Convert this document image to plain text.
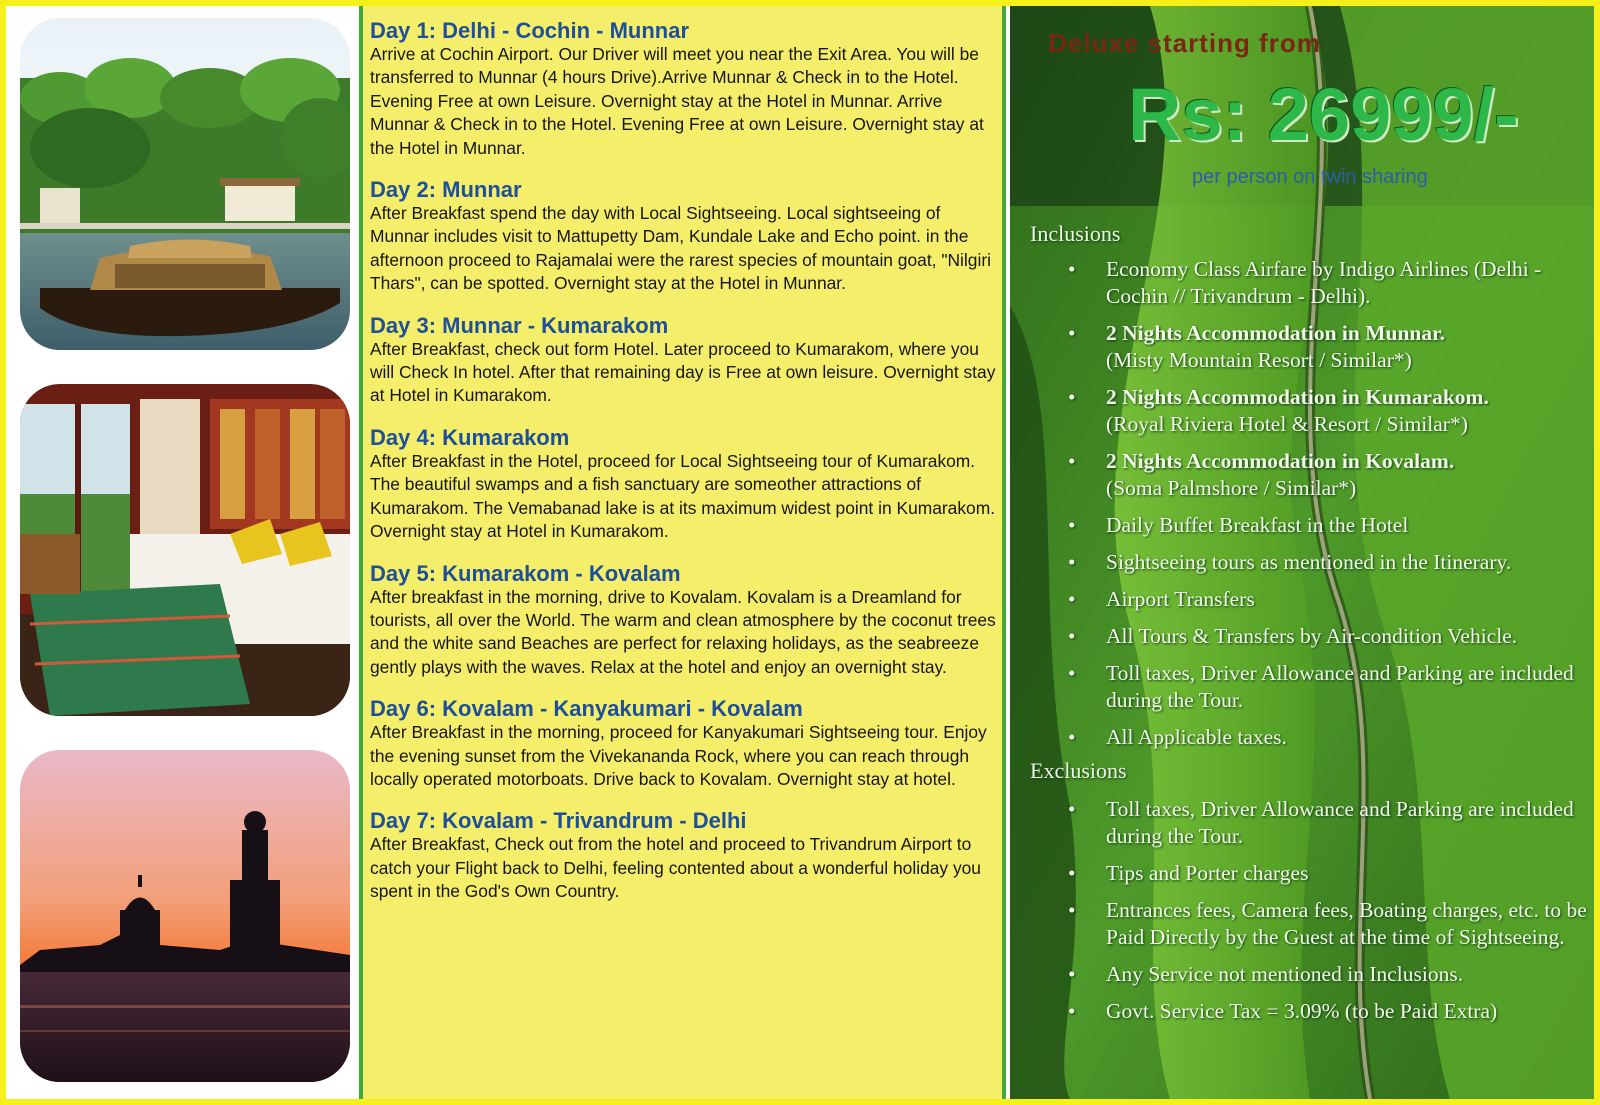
Day 1: Delhi - Cochin - Munnar

Arrive at Cochin Airport. Our Driver will meet you near the Exit Area. You will be transferred to Munnar (4 hours Drive).Arrive Munnar & Check in to the Hotel. Evening Free at own Leisure. Overnight stay at the Hotel in Munnar. Arrive Munnar & Check in to the Hotel. Evening Free at own Leisure. Overnight stay at the Hotel in Munnar.

Day 2: Munnar

After Breakfast spend the day with Local Sightseeing. Local sightseeing of Munnar includes visit to Mattupetty Dam, Kundale Lake and Echo point. in the afternoon proceed to Rajamalai were the rarest species of mountain goat, "Nilgiri Thars", can be spotted. Overnight stay at the Hotel in Munnar.

Day 3: Munnar - Kumarakom

After Breakfast, check out form Hotel. Later proceed to Kumarakom, where you will Check In hotel. After that remaining day is Free at own leisure. Overnight stay at Hotel in Kumarakom.

Day 4: Kumarakom

After Breakfast in the Hotel, proceed for Local Sightseeing tour of Kumarakom. The beautiful swamps and a fish sanctuary are someother attractions of Kumarakom. The Vemabanad lake is at its maximum widest point in Kumarakom. Overnight stay at Hotel in Kumarakom.

Day 5: Kumarakom - Kovalam

After breakfast in the morning, drive to Kovalam. Kovalam is a Dreamland for tourists, all over the World. The warm and clean atmosphere by the coconut trees and the white sand Beaches are perfect for relaxing holidays, as the seabreeze gently plays with the waves. Relax at the hotel and enjoy an overnight stay.

Day 6: Kovalam - Kanyakumari - Kovalam

After Breakfast in the morning, proceed for Kanyakumari Sightseeing tour. Enjoy the evening sunset from the Vivekananda Rock, where you can reach through locally operated motorboats. Drive back to Kovalam. Overnight stay at hotel.

Day 7: Kovalam - Trivandrum - Delhi

After Breakfast, Check out from the hotel and proceed to Trivandrum Airport to catch your Flight back to Delhi, feeling contented about a wonderful holiday you spent in the God's Own Country.

Deluxe starting from

Rs: 26999/-

per person on twin sharing

Inclusions

• Economy Class Airfare by Indigo Airlines (Delhi - Cochin // Trivandrum - Delhi).
• 2 Nights Accommodation in Munnar.
(Misty Mountain Resort / Similar*)
• 2 Nights Accommodation in Kumarakom.
(Royal Riviera Hotel & Resort / Similar*)
• 2 Nights Accommodation in Kovalam.
(Soma Palmshore / Similar*)
• Daily Buffet Breakfast in the Hotel
• Sightseeing tours as mentioned in the Itinerary.
• Airport Transfers
• All Tours & Transfers by Air-condition Vehicle.
• Toll taxes, Driver Allowance and Parking are included during the Tour.
• All Applicable taxes.

Exclusions

• Toll taxes, Driver Allowance and Parking are included during the Tour.
• Tips and Porter charges
• Entrances fees, Camera fees, Boating charges, etc. to be Paid Directly by the Guest at the time of Sightseeing.
• Any Service not mentioned in Inclusions.
• Govt. Service Tax = 3.09% (to be Paid Extra)
